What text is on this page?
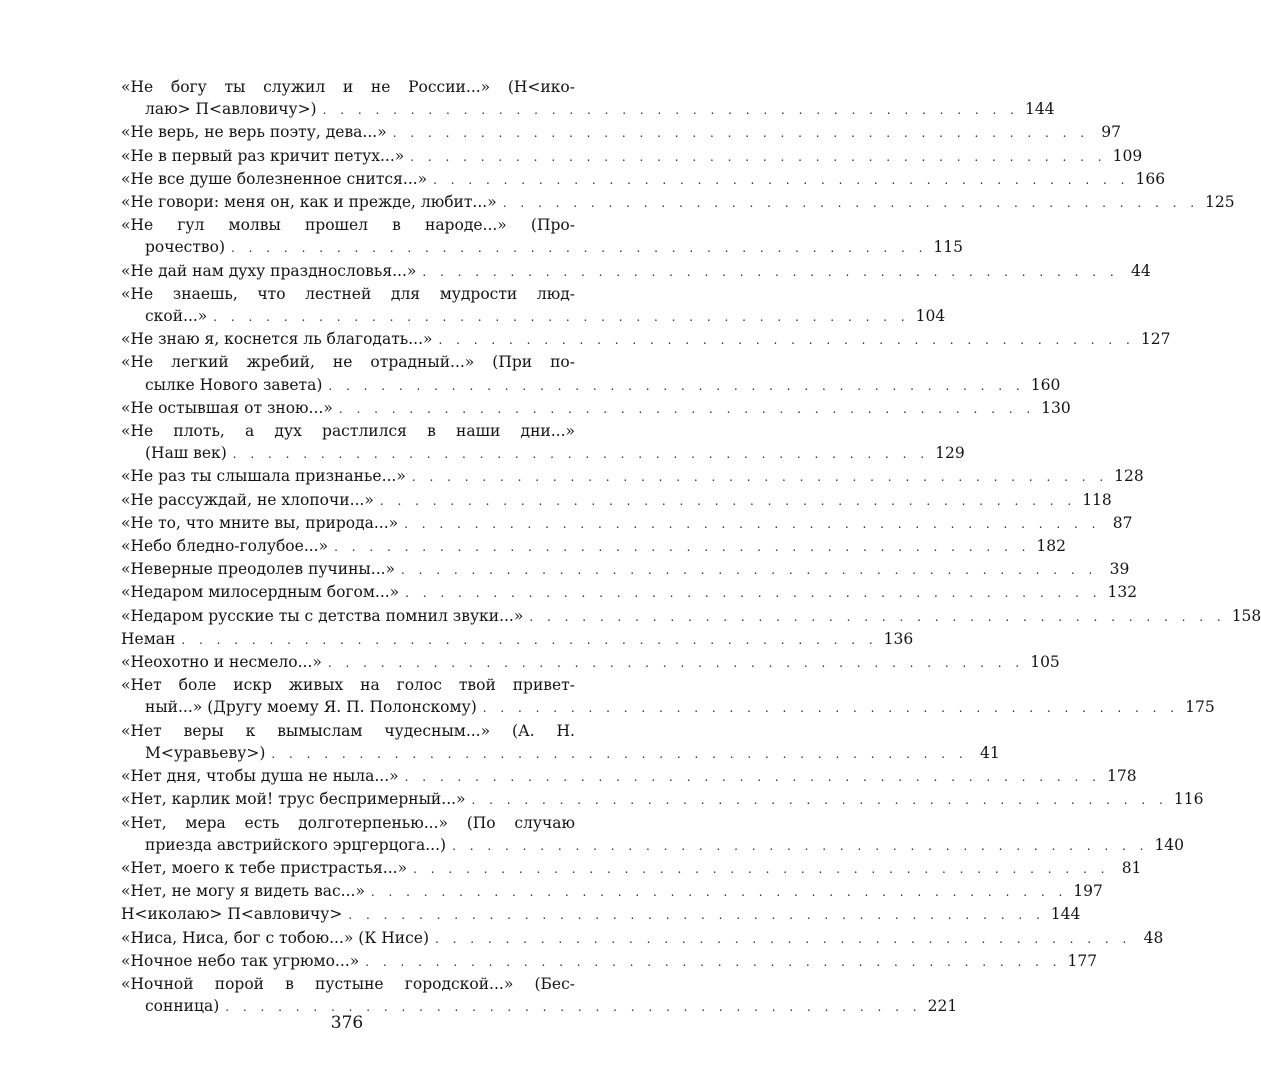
«Не богу ты служил и не России...» (Н<ико-
лаю> П<авловичу>) . . . . . . . . . . . . . . . . . . . . . . . . . . . . . . . . . . . . . . . . 144
«Не верь, не верь поэту, дева...» . . . . . . . . . . . . . . . . . . . . . . . . . . . . . . . . . . . . . . . . 97
«Не в первый раз кричит петух...» . . . . . . . . . . . . . . . . . . . . . . . . . . . . . . . . . . . . . . . . 109
«Не все душе болезненное снится...» . . . . . . . . . . . . . . . . . . . . . . . . . . . . . . . . . . . . . . . . 166
«Не говори: меня он, как и прежде, любит...» . . . . . . . . . . . . . . . . . . . . . . . . . . . . . . . . . . . . . . . . 125
«Не гул молвы прошел в народе...» (Про-
рочество) . . . . . . . . . . . . . . . . . . . . . . . . . . . . . . . . . . . . . . . . 115
«Не дай нам духу празднословья...» . . . . . . . . . . . . . . . . . . . . . . . . . . . . . . . . . . . . . . . . 44
«Не знаешь, что лестней для мудрости люд-
ской...» . . . . . . . . . . . . . . . . . . . . . . . . . . . . . . . . . . . . . . . . 104
«Не знаю я, коснется ль благодать...» . . . . . . . . . . . . . . . . . . . . . . . . . . . . . . . . . . . . . . . . 127
«Не легкий жребий, не отрадный...» (При по-
сылке Нового завета) . . . . . . . . . . . . . . . . . . . . . . . . . . . . . . . . . . . . . . . . 160
«Не остывшая от зною...» . . . . . . . . . . . . . . . . . . . . . . . . . . . . . . . . . . . . . . . . 130
«Не плоть, а дух растлился в наши дни...»
(Наш век) . . . . . . . . . . . . . . . . . . . . . . . . . . . . . . . . . . . . . . . . 129
«Не раз ты слышала признанье...» . . . . . . . . . . . . . . . . . . . . . . . . . . . . . . . . . . . . . . . . 128
«Не рассуждай, не хлопочи...» . . . . . . . . . . . . . . . . . . . . . . . . . . . . . . . . . . . . . . . . 118
«Не то, что мните вы, природа...» . . . . . . . . . . . . . . . . . . . . . . . . . . . . . . . . . . . . . . . . 87
«Небо бледно-голубое...» . . . . . . . . . . . . . . . . . . . . . . . . . . . . . . . . . . . . . . . . 182
«Неверные преодолев пучины...» . . . . . . . . . . . . . . . . . . . . . . . . . . . . . . . . . . . . . . . . 39
«Недаром милосердным богом...» . . . . . . . . . . . . . . . . . . . . . . . . . . . . . . . . . . . . . . . . 132
«Недаром русские ты с детства помнил звуки...» . . . . . . . . . . . . . . . . . . . . . . . . . . . . . . . . . . . . . . . . 158
Неман . . . . . . . . . . . . . . . . . . . . . . . . . . . . . . . . . . . . . . . . 136
«Неохотно и несмело...» . . . . . . . . . . . . . . . . . . . . . . . . . . . . . . . . . . . . . . . . 105
«Нет боле искр живых на голос твой привет-
ный...» (Другу моему Я. П. Полонскому) . . . . . . . . . . . . . . . . . . . . . . . . . . . . . . . . . . . . . . . . 175
«Нет веры к вымыслам чудесным...» (А. Н.
М<уравьеву>) . . . . . . . . . . . . . . . . . . . . . . . . . . . . . . . . . . . . . . . . 41
«Нет дня, чтобы душа не ныла...» . . . . . . . . . . . . . . . . . . . . . . . . . . . . . . . . . . . . . . . . 178
«Нет, карлик мой! трус беспримерный...» . . . . . . . . . . . . . . . . . . . . . . . . . . . . . . . . . . . . . . . . 116
«Нет, мера есть долготерпенью...» (По случаю
приезда австрийского эрцгерцога...) . . . . . . . . . . . . . . . . . . . . . . . . . . . . . . . . . . . . . . . . 140
«Нет, моего к тебе пристрастья...» . . . . . . . . . . . . . . . . . . . . . . . . . . . . . . . . . . . . . . . . 81
«Нет, не могу я видеть вас...» . . . . . . . . . . . . . . . . . . . . . . . . . . . . . . . . . . . . . . . . 197
Н<иколаю> П<авловичу> . . . . . . . . . . . . . . . . . . . . . . . . . . . . . . . . . . . . . . . . 144
«Ниса, Ниса, бог с тобою...» (К Нисе) . . . . . . . . . . . . . . . . . . . . . . . . . . . . . . . . . . . . . . . . 48
«Ночное небо так угрюмо...» . . . . . . . . . . . . . . . . . . . . . . . . . . . . . . . . . . . . . . . . 177
«Ночной порой в пустыне городской...» (Бес-
сонница) . . . . . . . . . . . . . . . . . . . . . . . . . . . . . . . . . . . . . . . . 221
376
